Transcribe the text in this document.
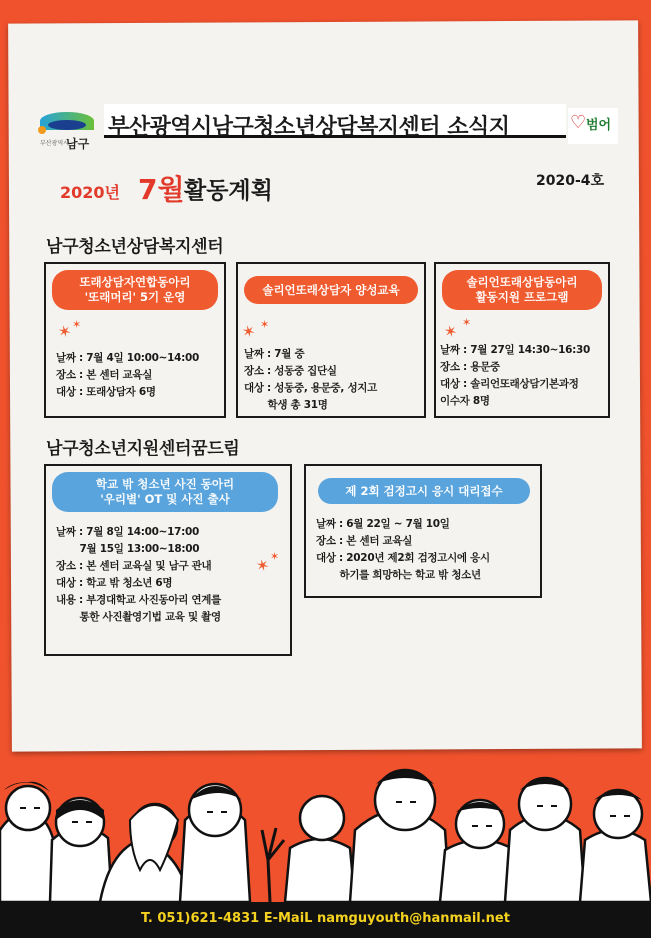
부산광역시
남구
부산광역시남구청소년상담복지센터 소식지	♡ 범어
2020년 7월 활동계획	2020-4호
남구청소년상담복지센터
또래상담자연합동아리
'또래머리' 5기 운영
✶
✶
날짜 : 7월 4일 10:00~14:00
장소 : 본 센터 교육실
대상 : 또래상담자 6명
솔리언또래상담자 양성교육
✶ ✶
날짜 : 7월 중
장소 : 성동중 집단실
대상 : 성동중, 용문중, 성지고
학생 총 31명
솔리언또래상담동아리
활동지원 프로그램
✶ ✶
날짜 : 7월 27일 14:30~16:30
장소 : 용문중
대상 : 솔리언또래상담기본과정
이수자 8명
남구청소년지원센터꿈드림
학교 밖 청소년 사진 동아리
'우리별' OT 및 사진 출사
✶
✶
날짜 : 7월 8일 14:00~17:00
7월 15일 13:00~18:00
장소 : 본 센터 교육실 및 남구 관내
대상 : 학교 밖 청소년 6명
내용 : 부경대학교 사진동아리 연계를
통한 사진촬영기법 교육 및 촬영
제 2회 검정고시 응시 대리접수
날짜 : 6월 22일 ~ 7월 10일
장소 : 본 센터 교육실
대상 : 2020년 제2회 검정고시에 응시
하기를 희망하는 학교 밖 청소년
T. 051)621-4831 E-MaiL namguyouth@hanmail.net
